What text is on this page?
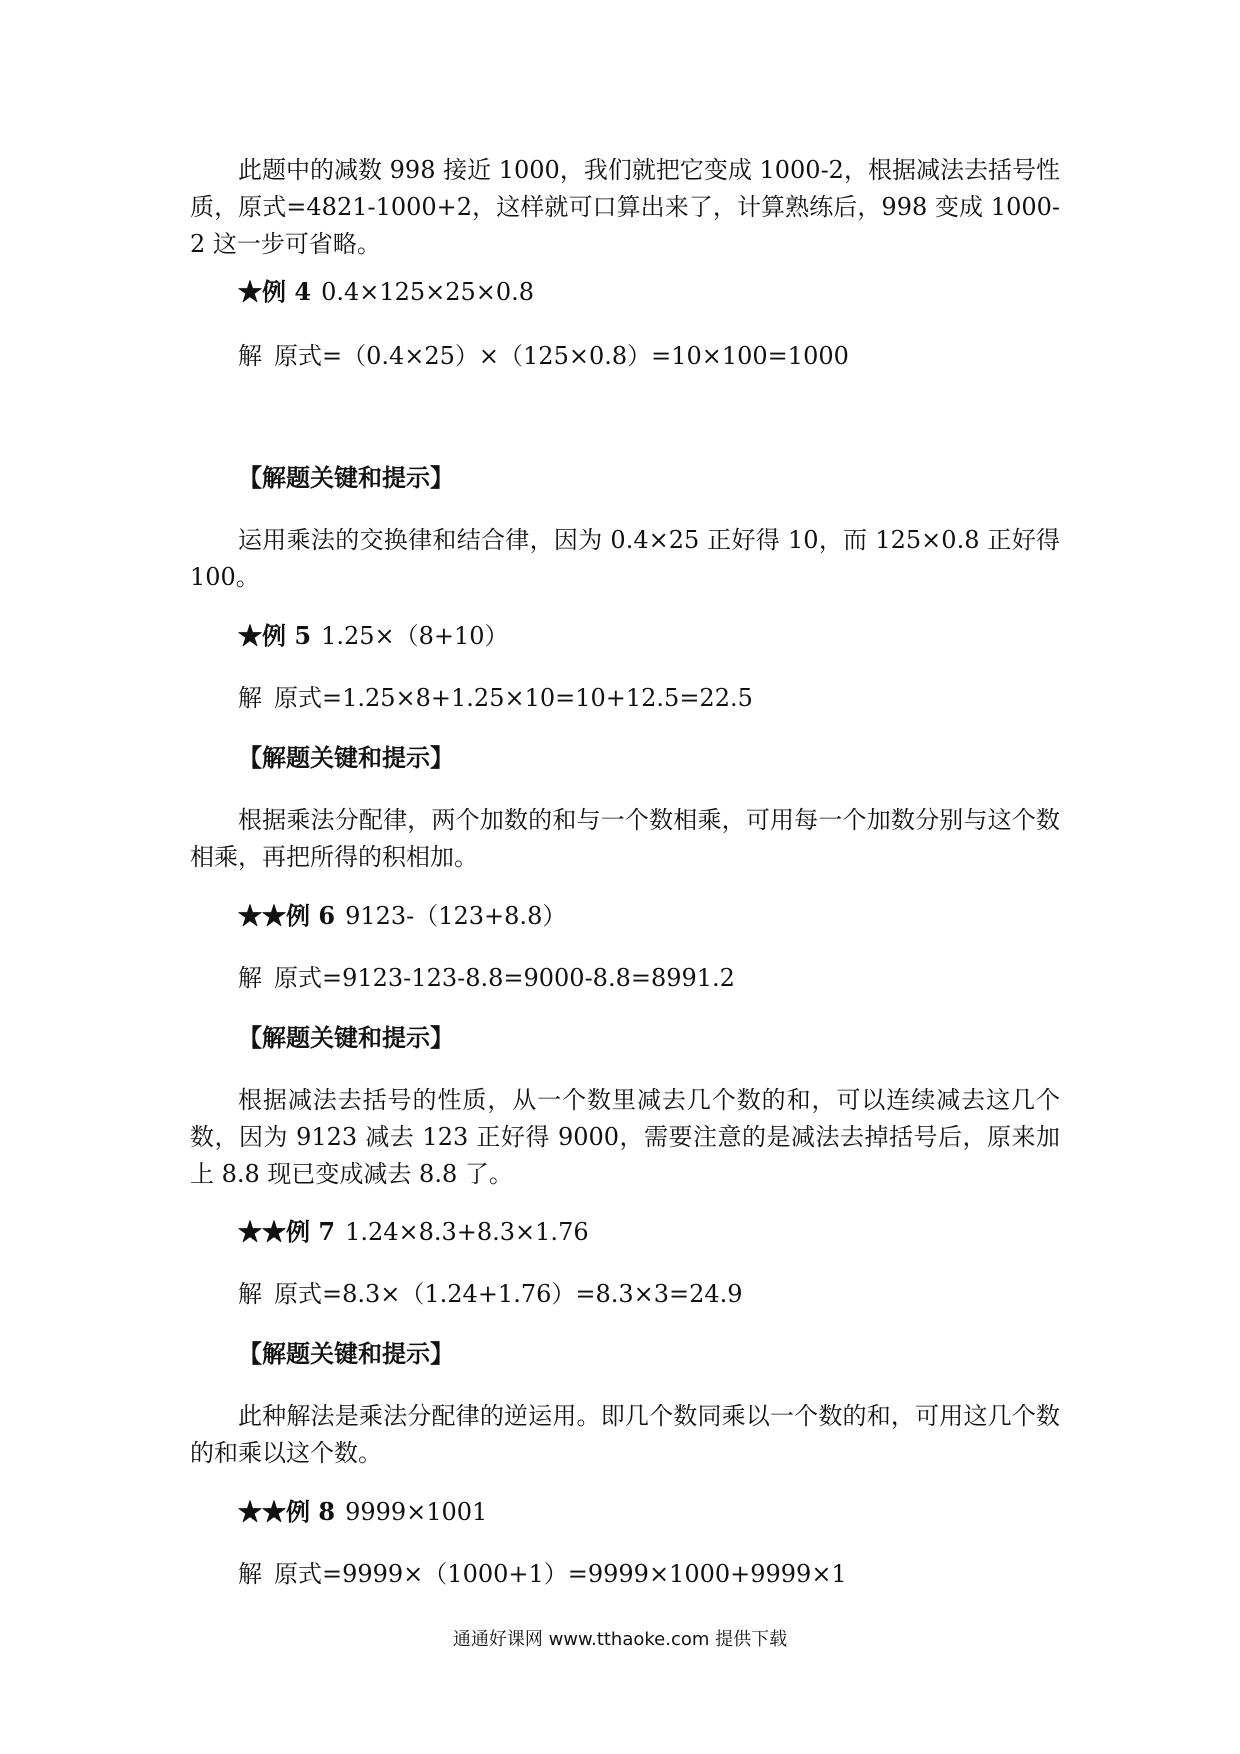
此题中的减数 998 接近 1000，我们就把它变成 1000-2，根据减法去括号性质，原式=4821-1000+2，这样就可口算出来了，计算熟练后，998 变成 1000-2 这一步可省略。

★例 4 0.4×125×25×0.8

解 原式=（0.4×25）×（125×0.8）=10×100=1000

【解题关键和提示】

运用乘法的交换律和结合律，因为 0.4×25 正好得 10，而 125×0.8 正好得 100。

★例 5 1.25×（8+10）

解 原式=1.25×8+1.25×10=10+12.5=22.5

【解题关键和提示】

根据乘法分配律，两个加数的和与一个数相乘，可用每一个加数分别与这个数相乘，再把所得的积相加。

★★例 6 9123-（123+8.8）

解 原式=9123-123-8.8=9000-8.8=8991.2

【解题关键和提示】

根据减法去括号的性质，从一个数里减去几个数的和，可以连续减去这几个数，因为 9123 减去 123 正好得 9000，需要注意的是减法去掉括号后，原来加上 8.8 现已变成减去 8.8 了。

★★例 7 1.24×8.3+8.3×1.76

解 原式=8.3×（1.24+1.76）=8.3×3=24.9

【解题关键和提示】

此种解法是乘法分配律的逆运用。即几个数同乘以一个数的和，可用这几个数的和乘以这个数。

★★例 8 9999×1001

解 原式=9999×（1000+1）=9999×1000+9999×1

通通好课网 www.tthaoke.com 提供下载
